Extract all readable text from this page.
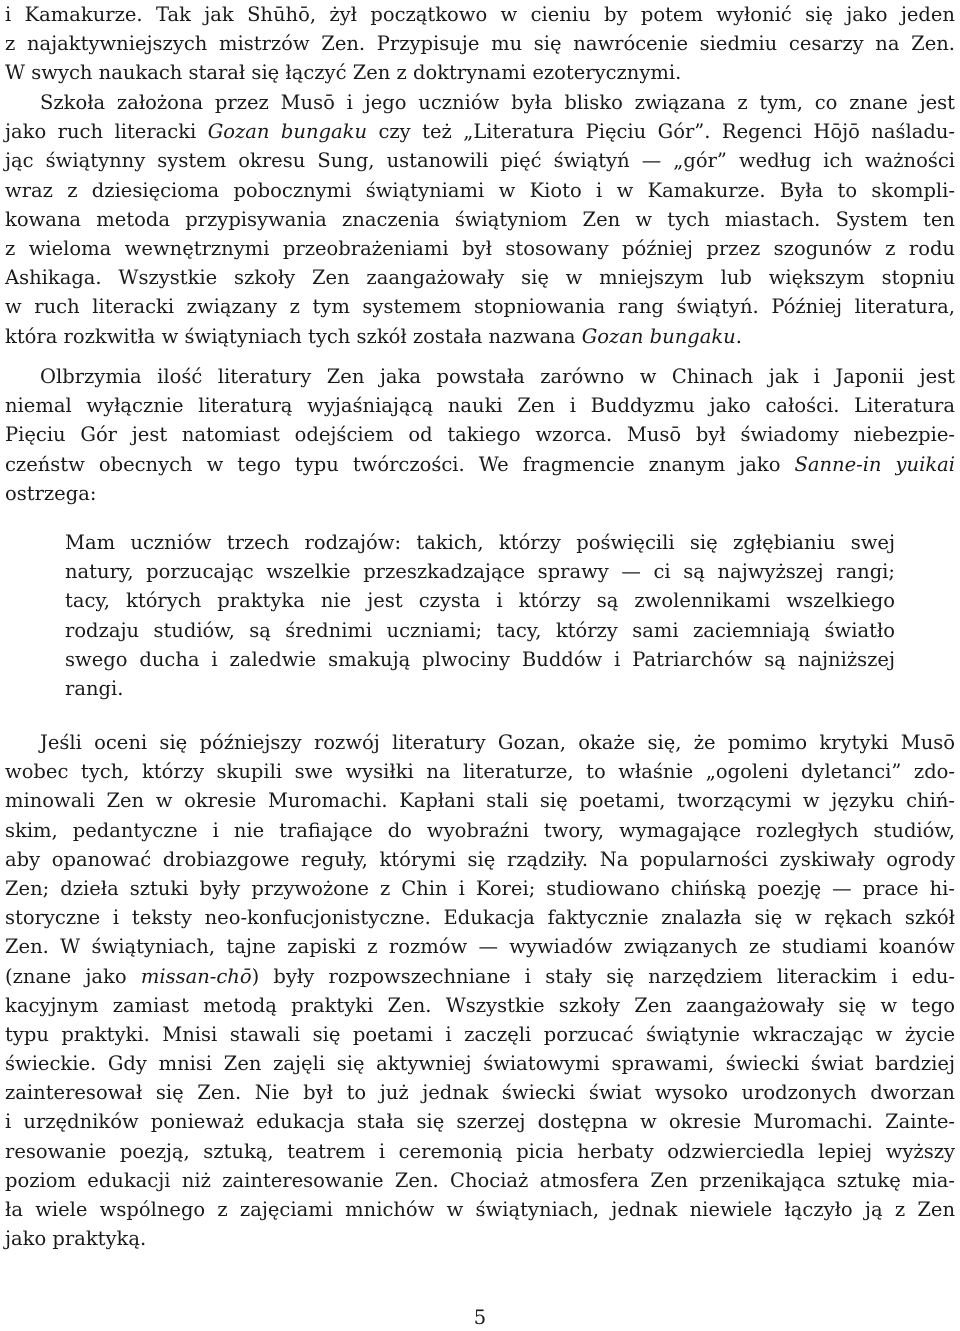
i Kamakurze. Tak jak Shūhō, żył początkowo w cieniu by potem wyłonić się jako jeden
z najaktywniejszych mistrzów Zen. Przypisuje mu się nawrócenie siedmiu cesarzy na Zen.
W swych naukach starał się łączyć Zen z doktrynami ezoterycznymi.
Szkoła założona przez Musō i jego uczniów była blisko związana z tym, co znane jest
jako ruch literacki Gozan bungaku czy też „Literatura Pięciu Gór”. Regenci Hōjō naśladu-
jąc świątynny system okresu Sung, ustanowili pięć świątyń — „gór” według ich ważności
wraz z dziesięcioma pobocznymi świątyniami w Kioto i w Kamakurze. Była to skompli-
kowana metoda przypisywania znaczenia świątyniom Zen w tych miastach. System ten
z wieloma wewnętrznymi przeobrażeniami był stosowany później przez szogunów z rodu
Ashikaga. Wszystkie szkoły Zen zaangażowały się w mniejszym lub większym stopniu
w ruch literacki związany z tym systemem stopniowania rang świątyń. Później literatura,
która rozkwitła w świątyniach tych szkół została nazwana Gozan bungaku.
Olbrzymia ilość literatury Zen jaka powstała zarówno w Chinach jak i Japonii jest
niemal wyłącznie literaturą wyjaśniającą nauki Zen i Buddyzmu jako całości. Literatura
Pięciu Gór jest natomiast odejściem od takiego wzorca. Musō był świadomy niebezpie-
czeństw obecnych w tego typu twórczości. We fragmencie znanym jako Sanne-in yuikai
ostrzega:
Mam uczniów trzech rodzajów: takich, którzy poświęcili się zgłębianiu swej
natury, porzucając wszelkie przeszkadzające sprawy — ci są najwyższej rangi;
tacy, których praktyka nie jest czysta i którzy są zwolennikami wszelkiego
rodzaju studiów, są średnimi uczniami; tacy, którzy sami zaciemniają światło
swego ducha i zaledwie smakują plwociny Buddów i Patriarchów są najniższej
rangi.
Jeśli oceni się późniejszy rozwój literatury Gozan, okaże się, że pomimo krytyki Musō
wobec tych, którzy skupili swe wysiłki na literaturze, to właśnie „ogoleni dyletanci” zdo-
minowali Zen w okresie Muromachi. Kapłani stali się poetami, tworzącymi w języku chiń-
skim, pedantyczne i nie trafiające do wyobraźni twory, wymagające rozległych studiów,
aby opanować drobiazgowe reguły, którymi się rządziły. Na popularności zyskiwały ogrody
Zen; dzieła sztuki były przywożone z Chin i Korei; studiowano chińską poezję — prace hi-
storyczne i teksty neo-konfucjonistyczne. Edukacja faktycznie znalazła się w rękach szkół
Zen. W świątyniach, tajne zapiski z rozmów — wywiadów związanych ze studiami koanów
(znane jako missan-chō) były rozpowszechniane i stały się narzędziem literackim i edu-
kacyjnym zamiast metodą praktyki Zen. Wszystkie szkoły Zen zaangażowały się w tego
typu praktyki. Mnisi stawali się poetami i zaczęli porzucać świątynie wkraczając w życie
świeckie. Gdy mnisi Zen zajęli się aktywniej światowymi sprawami, świecki świat bardziej
zainteresował się Zen. Nie był to już jednak świecki świat wysoko urodzonych dworzan
i urzędników ponieważ edukacja stała się szerzej dostępna w okresie Muromachi. Zainte-
resowanie poezją, sztuką, teatrem i ceremonią picia herbaty odzwierciedla lepiej wyższy
poziom edukacji niż zainteresowanie Zen. Chociaż atmosfera Zen przenikająca sztukę mia-
ła wiele wspólnego z zajęciami mnichów w świątyniach, jednak niewiele łączyło ją z Zen
jako praktyką.
5
